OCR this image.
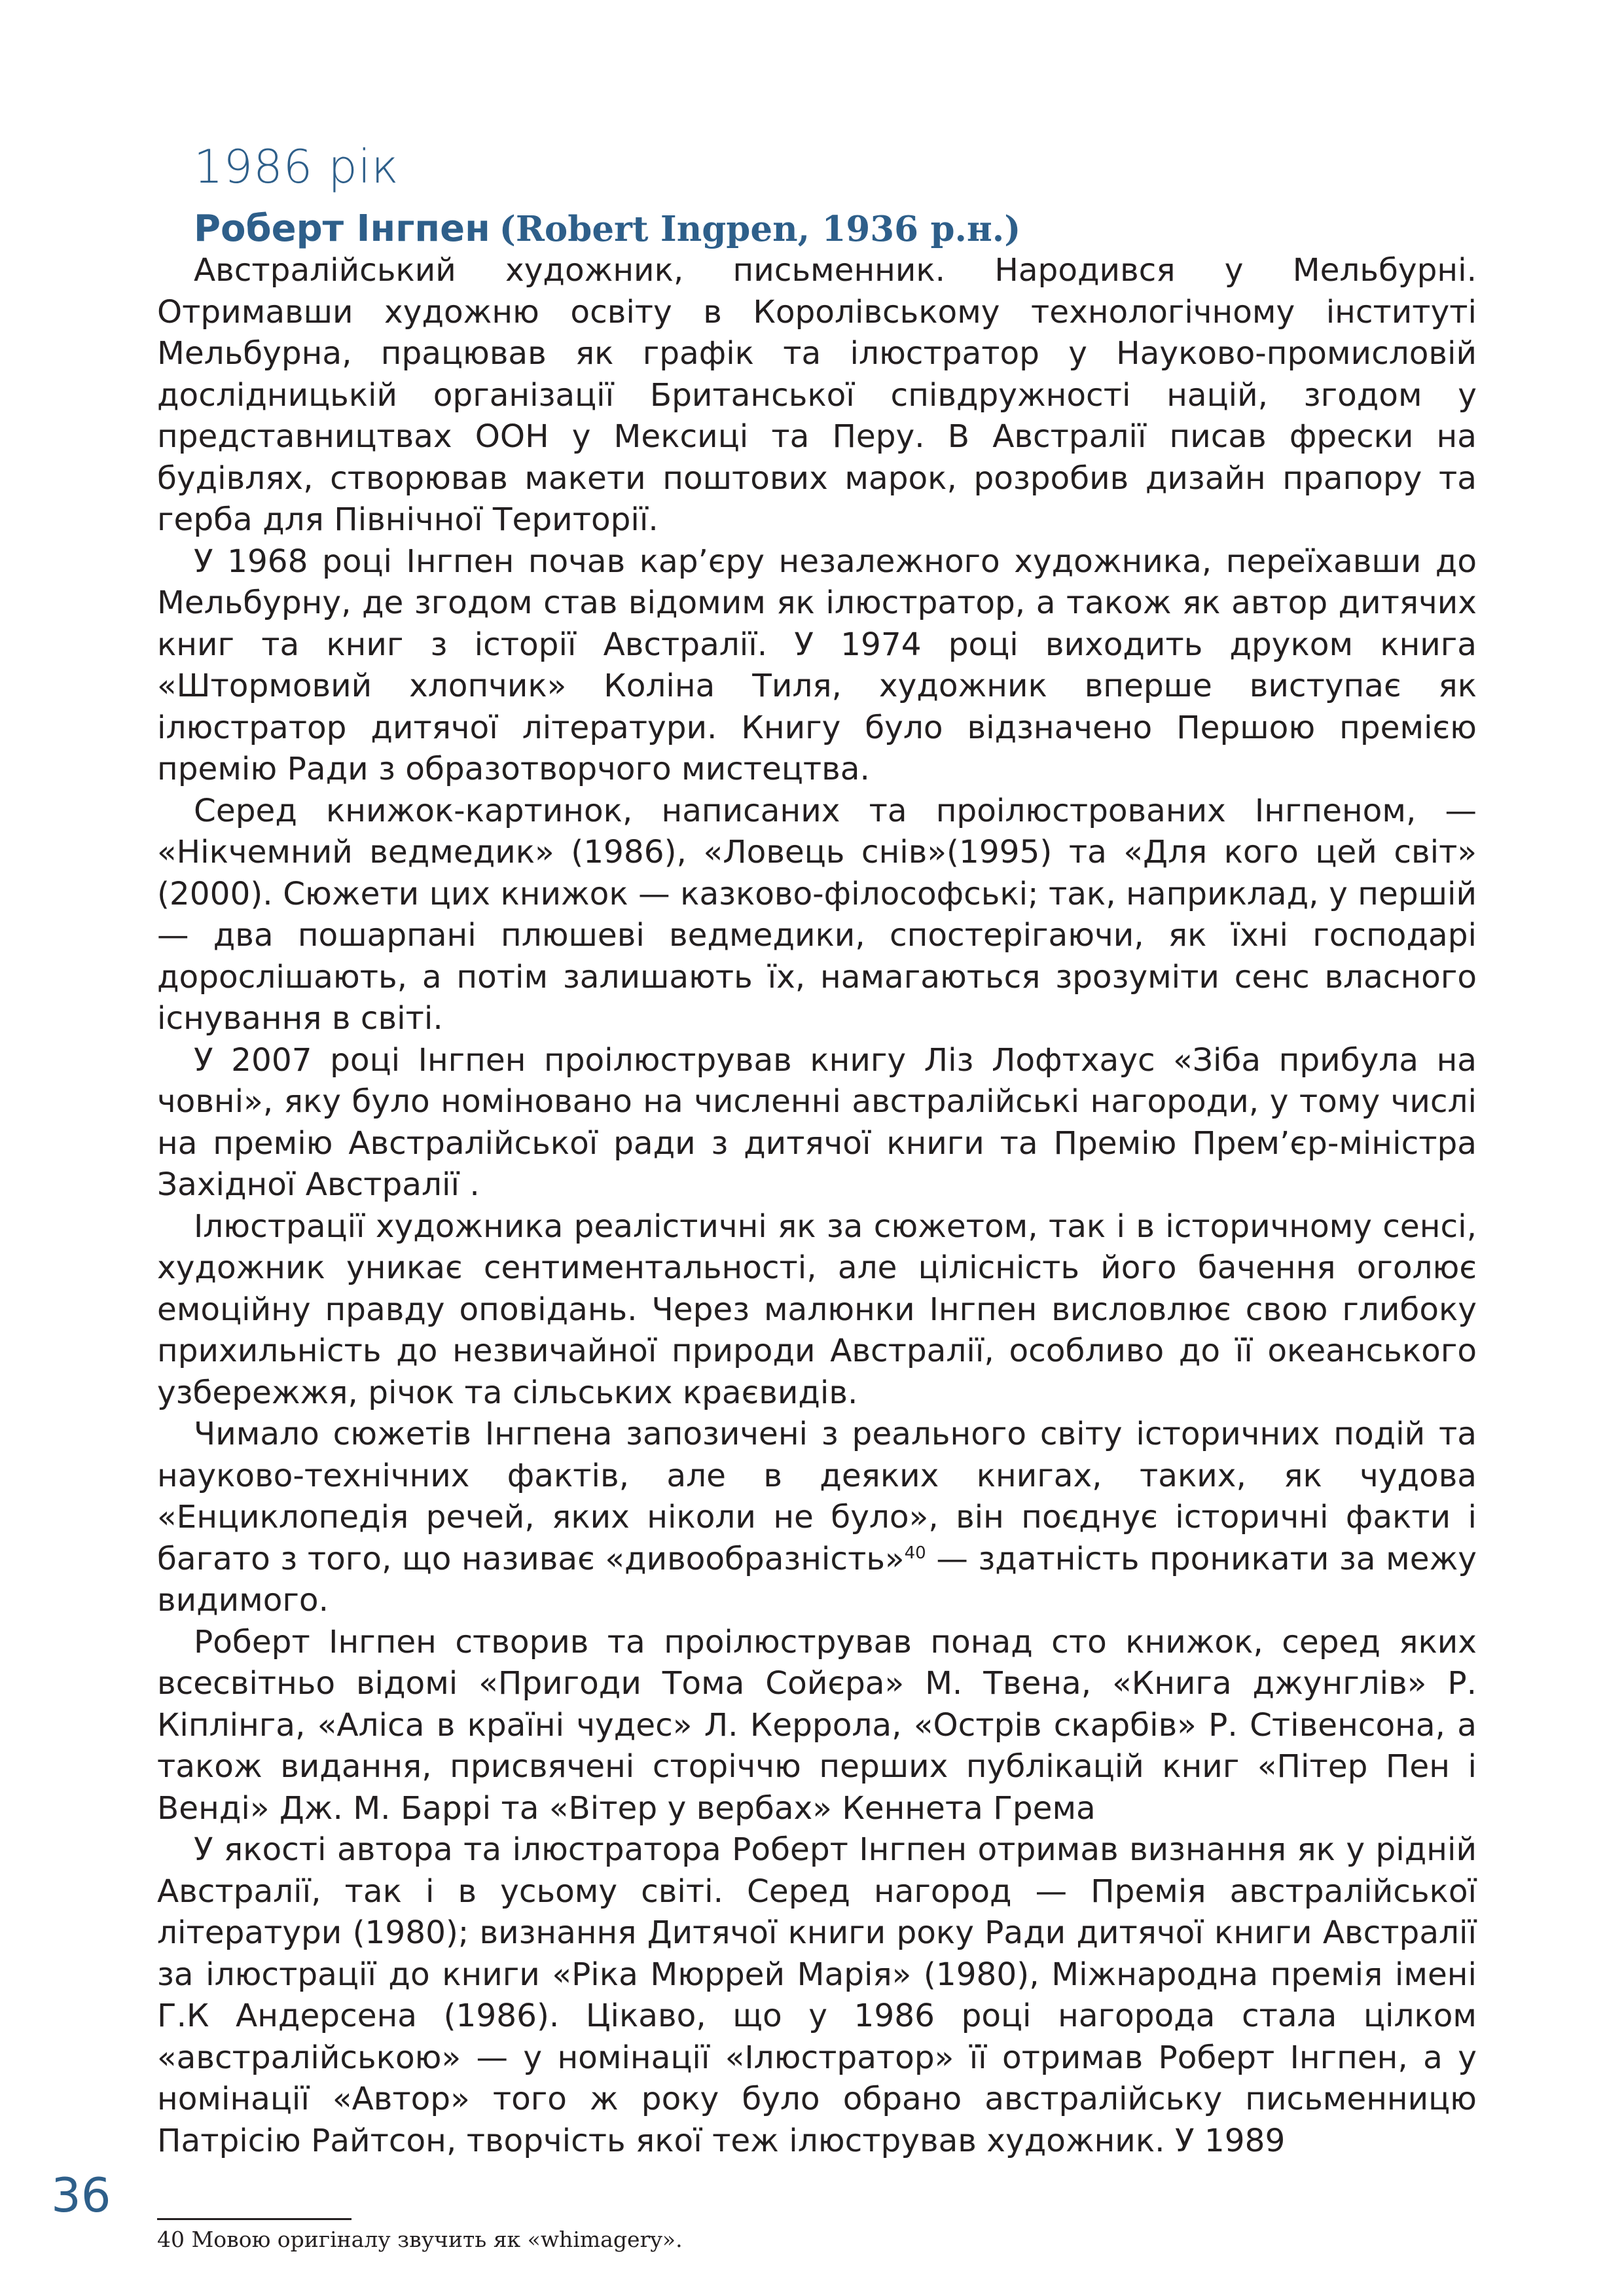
1986 рік
Роберт Інгпен (Robert Ingpen, 1936 р.н.)

Австралійський художник, письменник. Народився у Мельбурні. Отримавши художню освіту в Королівському технологічному інституті Мельбурна, працював як графік та ілюстратор у Науково-промисловій дослідницькій організації Британської співдружності націй, згодом у представництвах ООН у Мексиці та Перу. В Австралії писав фрески на будівлях, створював макети поштових марок, розробив дизайн прапору та герба для Північної Території.

У 1968 році Інгпен почав кар’єру незалежного художника, переїхавши до Мельбурну, де згодом став відомим як ілюстратор, а також як автор дитячих книг та книг з історії Австралії. У 1974 році виходить друком книга «Штормовий хлопчик» Коліна Тиля, художник вперше виступає як ілюстратор дитячої літератури. Книгу було відзначено Першою премією премію Ради з образотворчого мистецтва.

Серед книжок-картинок, написаних та проілюстрованих Інгпеном, — «Нікчемний ведмедик» (1986), «Ловець снів»(1995) та «Для кого цей світ» (2000). Сюжети цих книжок — казково-філософські; так, наприклад, у першій — два пошарпані плюшеві ведмедики, спостерігаючи, як їхні господарі дорослішають, а потім залишають їх, намагаються зрозуміти сенс власного існування в світі.

У 2007 році Інгпен проілюстрував книгу Ліз Лофтхаус «Зіба прибула на човні», яку було номіновано на численні австралійські нагороди, у тому числі на премію Австралійської ради з дитячої книги та Премію Прем’єр-міністра Західної Австралії .

Ілюстрації художника реалістичні як за сюжетом, так і в історичному сенсі, художник уникає сентиментальності, але цілісність його бачення оголює емоційну правду оповідань. Через малюнки Інгпен висловлює свою глибоку прихильність до незвичайної природи Австралії, особливо до її океанського узбережжя, річок та сільських краєвидів.

Чимало сюжетів Інгпена запозичені з реального світу історичних подій та науково-технічних фактів, але в деяких книгах, таких, як чудова «Енциклопедія речей, яких ніколи не було», він поєднує історичні факти і багато з того, що називає «дивообразність»$^{40}$ — здатність проникати за межу видимого.

Роберт Інгпен створив та проілюстрував понад сто книжок, серед яких всесвітньо відомі «Пригоди Тома Сойєра» М. Твена, «Книга джунглів» Р. Кіплінга, «Аліса в країні чудес» Л. Керрола, «Острів скарбів» Р. Стівенсона, а також видання, присвячені сторіччю перших публікацій книг «Пітер Пен і Венді» Дж. М. Баррі та «Вітер у вербах» Кеннета Грема

У якості автора та ілюстратора Роберт Інгпен отримав визнання як у рідній Австралії, так і в усьому світі. Серед нагород — Премія австралійської літератури (1980); визнання Дитячої книги року Ради дитячої книги Австралії за ілюстрації до книги «Ріка Мюррей Марія» (1980), Міжнародна премія імені Г.К Андерсена (1986). Цікаво, що у 1986 році нагорода стала цілком «австралійською» — у номінації «Ілюстратор» її отримав Роберт Інгпен, а у номінації «Автор» того ж року було обрано австралійську письменницю Патрісію Райтсон, творчість якої теж ілюстрував художник. У 1989

40 Мовою оригіналу звучить як «whimagery».
36
